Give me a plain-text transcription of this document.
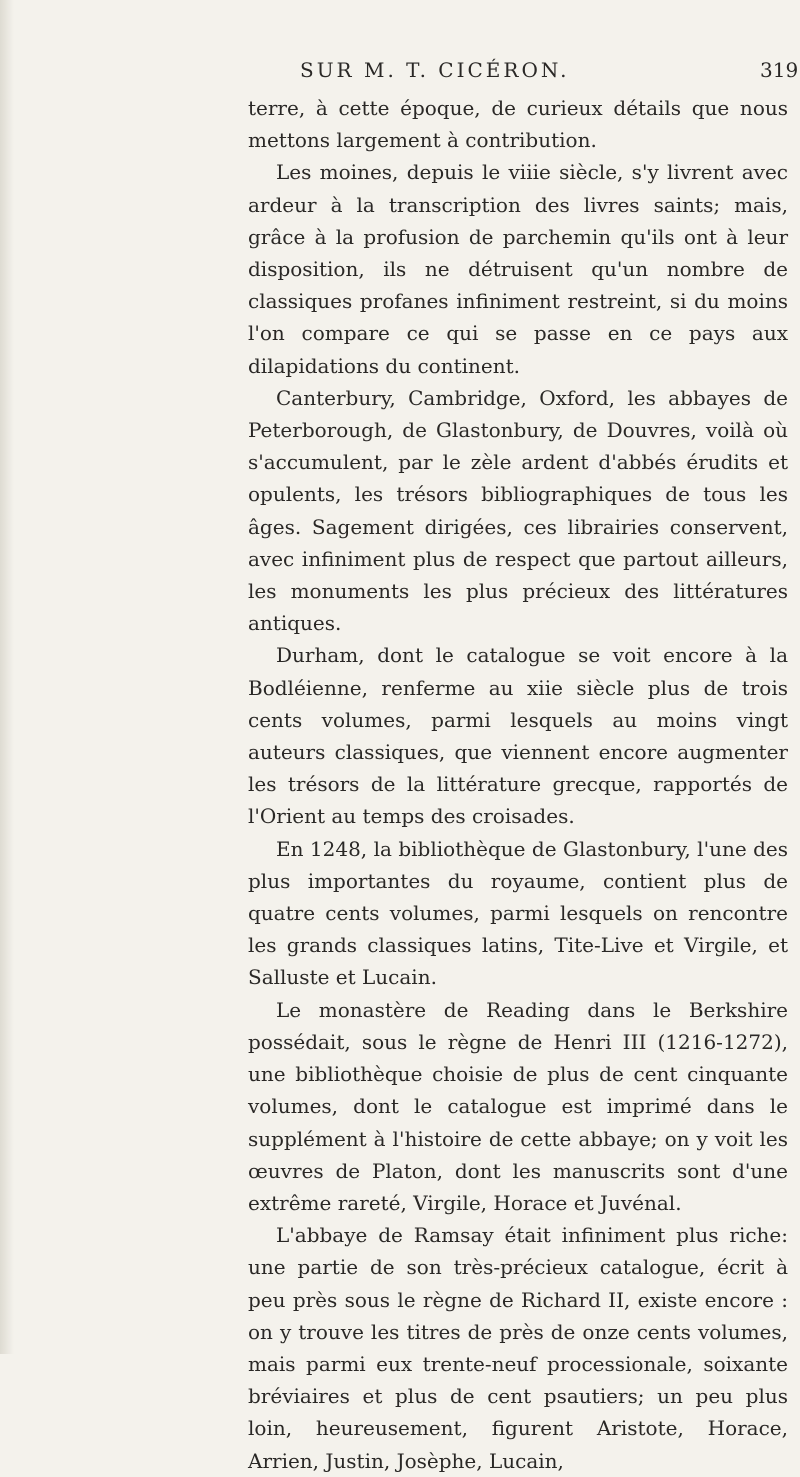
SUR M. T. CICÉRON.	319

terre, à cette époque, de curieux détails que nous mettons largement à contribution.

Les moines, depuis le viiie siècle, s'y livrent avec ardeur à la transcription des livres saints; mais, grâce à la profusion de parchemin qu'ils ont à leur disposition, ils ne détruisent qu'un nombre de classiques profanes infiniment restreint, si du moins l'on compare ce qui se passe en ce pays aux dilapidations du continent.

Canterbury, Cambridge, Oxford, les abbayes de Peterborough, de Glastonbury, de Douvres, voilà où s'accumulent, par le zèle ardent d'abbés érudits et opulents, les trésors bibliographiques de tous les âges. Sagement dirigées, ces librairies conservent, avec infiniment plus de respect que partout ailleurs, les monuments les plus précieux des littératures antiques.

Durham, dont le catalogue se voit encore à la Bodléienne, renferme au xiie siècle plus de trois cents volumes, parmi lesquels au moins vingt auteurs classiques, que viennent encore augmenter les trésors de la littérature grecque, rapportés de l'Orient au temps des croisades.

En 1248, la bibliothèque de Glastonbury, l'une des plus importantes du royaume, contient plus de quatre cents volumes, parmi lesquels on rencontre les grands classiques latins, Tite-Live et Virgile, et Salluste et Lucain.

Le monastère de Reading dans le Berkshire possédait, sous le règne de Henri III (1216-1272), une bibliothèque choisie de plus de cent cinquante volumes, dont le catalogue est imprimé dans le supplément à l'histoire de cette abbaye; on y voit les œuvres de Platon, dont les manuscrits sont d'une extrême rareté, Virgile, Horace et Juvénal.

L'abbaye de Ramsay était infiniment plus riche: une partie de son très-précieux catalogue, écrit à peu près sous le règne de Richard II, existe encore : on y trouve les titres de près de onze cents volumes, mais parmi eux trente-neuf processionale, soixante bréviaires et plus de cent psautiers; un peu plus loin, heureusement, figurent Aristote, Horace, Arrien, Justin, Josèphe, Lucain,
